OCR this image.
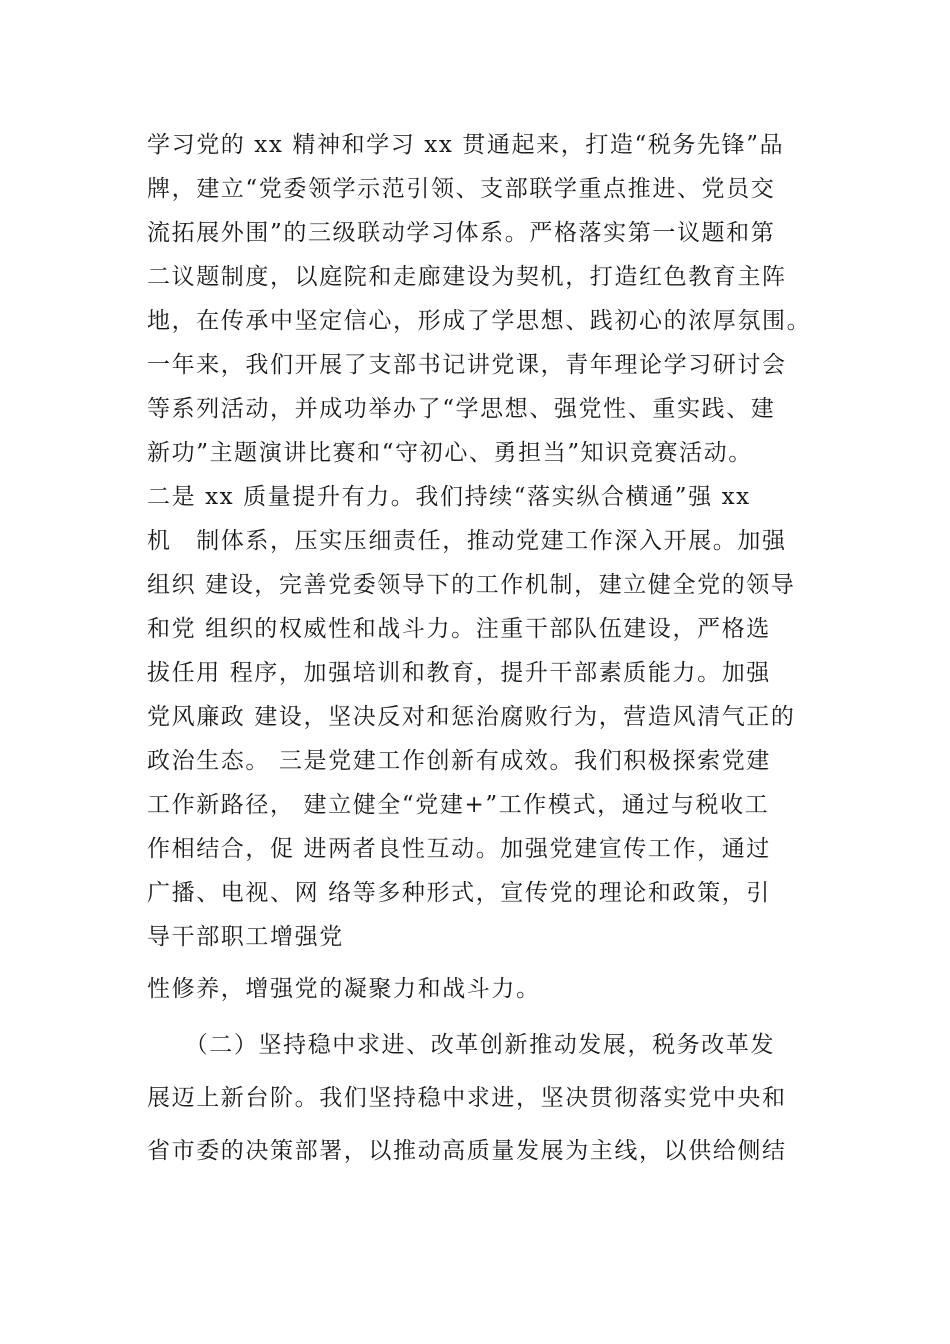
学习党的 xx 精神和学习 xx 贯通起来，打造“税务先锋”品
牌，建立“党委领学示范引领、支部联学重点推进、党员交
流拓展外围”的三级联动学习体系。严格落实第一议题和第
二议题制度，以庭院和走廊建设为契机，打造红色教育主阵
地，在传承中坚定信心，形成了学思想、践初心的浓厚氛围。
一年来，我们开展了支部书记讲党课，青年理论学习研讨会
等系列活动，并成功举办了“学思想、强党性、重实践、建
新功”主题演讲比赛和“守初心、勇担当”知识竞赛活动。
二是 xx 质量提升有力。我们持续“落实纵合横通”强 xx
机　制体系，压实压细责任，推动党建工作深入开展。加强
组织 建设，完善党委领导下的工作机制，建立健全党的领导
和党 组织的权威性和战斗力。注重干部队伍建设，严格选
拔任用 程序，加强培训和教育，提升干部素质能力。加强
党风廉政 建设，坚决反对和惩治腐败行为，营造风清气正的
政治生态。 三是党建工作创新有成效。我们积极探索党建
工作新路径， 建立健全“党建+”工作模式，通过与税收工
作相结合，促 进两者良性互动。加强党建宣传工作，通过
广播、电视、网 络等多种形式，宣传党的理论和政策，引
导干部职工增强党
性修养，增强党的凝聚力和战斗力。
　　（二）坚持稳中求进、改革创新推动发展，税务改革发
展迈上新台阶。我们坚持稳中求进，坚决贯彻落实党中央和
省市委的决策部署，以推动高质量发展为主线，以供给侧结
